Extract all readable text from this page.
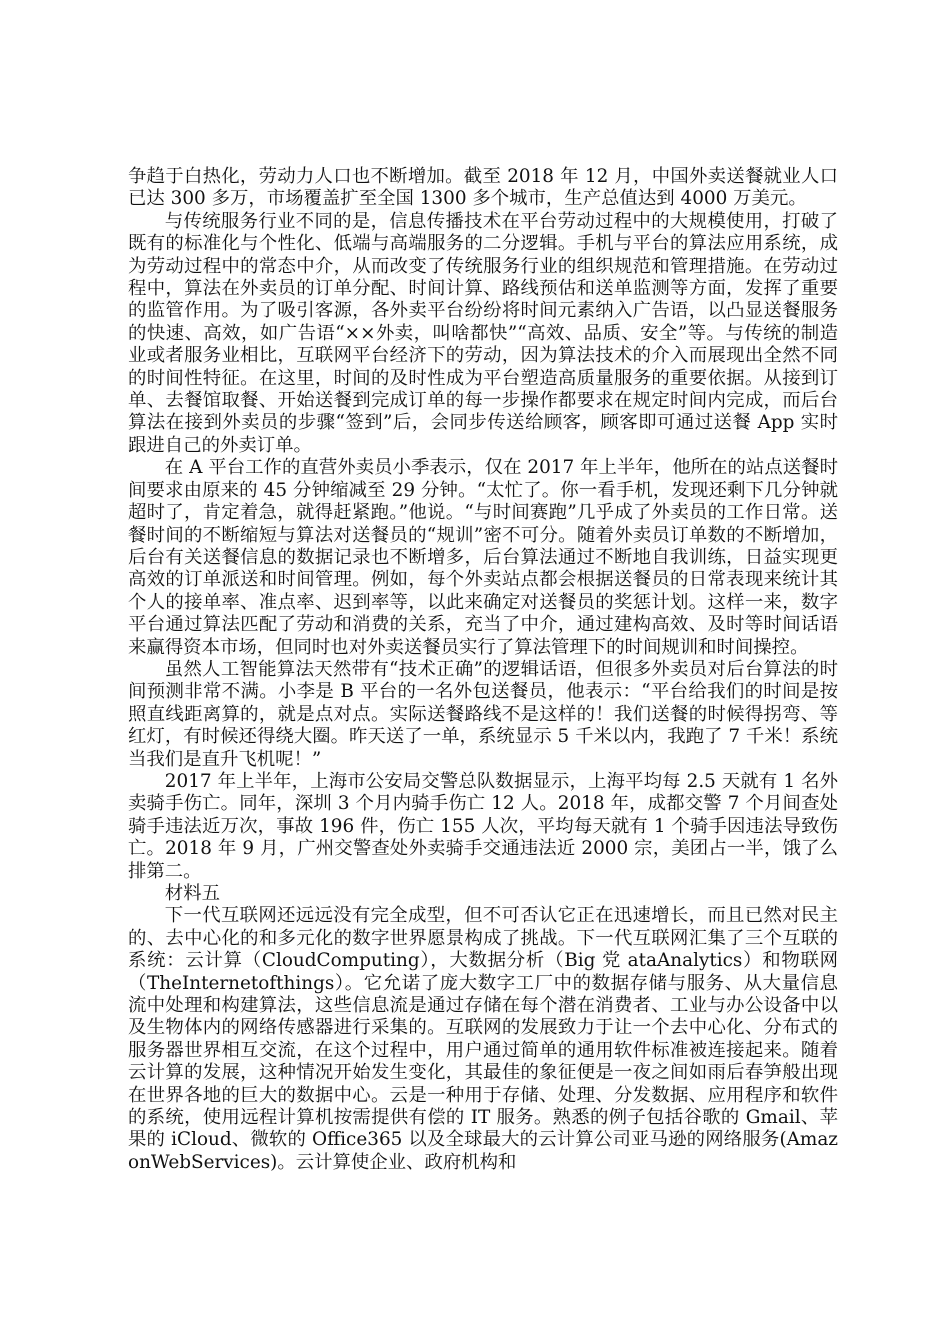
争趋于白热化，劳动力人口也不断增加。截至 2018 年 12 月，中国外卖送餐就业人口已达 300 多万，市场覆盖扩至全国 1300 多个城市，生产总值达到 4000 万美元。

与传统服务行业不同的是，信息传播技术在平台劳动过程中的大规模使用，打破了既有的标准化与个性化、低端与高端服务的二分逻辑。手机与平台的算法应用系统，成为劳动过程中的常态中介，从而改变了传统服务行业的组织规范和管理措施。在劳动过程中，算法在外卖员的订单分配、时间计算、路线预估和送单监测等方面，发挥了重要的监管作用。为了吸引客源，各外卖平台纷纷将时间元素纳入广告语，以凸显送餐服务的快速、高效，如广告语“××外卖，叫啥都快”“高效、品质、安全”等。与传统的制造业或者服务业相比，互联网平台经济下的劳动，因为算法技术的介入而展现出全然不同的时间性特征。在这里，时间的及时性成为平台塑造高质量服务的重要依据。从接到订单、去餐馆取餐、开始送餐到完成订单的每一步操作都要求在规定时间内完成，而后台算法在接到外卖员的步骤“签到”后，会同步传送给顾客，顾客即可通过送餐 App 实时跟进自己的外卖订单。

在 A 平台工作的直营外卖员小季表示，仅在 2017 年上半年，他所在的站点送餐时间要求由原来的 45 分钟缩减至 29 分钟。“太忙了。你一看手机，发现还剩下几分钟就超时了，肯定着急，就得赶紧跑。”他说。“与时间赛跑”几乎成了外卖员的工作日常。送餐时间的不断缩短与算法对送餐员的“规训”密不可分。随着外卖员订单数的不断增加，后台有关送餐信息的数据记录也不断增多，后台算法通过不断地自我训练，日益实现更高效的订单派送和时间管理。例如，每个外卖站点都会根据送餐员的日常表现来统计其个人的接单率、准点率、迟到率等，以此来确定对送餐员的奖惩计划。这样一来，数字平台通过算法匹配了劳动和消费的关系，充当了中介，通过建构高效、及时等时间话语来赢得资本市场，但同时也对外卖送餐员实行了算法管理下的时间规训和时间操控。

虽然人工智能算法天然带有“技术正确”的逻辑话语，但很多外卖员对后台算法的时间预测非常不满。小李是 B 平台的一名外包送餐员，他表示：“平台给我们的时间是按照直线距离算的，就是点对点。实际送餐路线不是这样的！我们送餐的时候得拐弯、等红灯，有时候还得绕大圈。昨天送了一单，系统显示 5 千米以内，我跑了 7 千米！系统当我们是直升飞机呢！”

2017 年上半年，上海市公安局交警总队数据显示，上海平均每 2.5 天就有 1 名外卖骑手伤亡。同年，深圳 3 个月内骑手伤亡 12 人。2018 年，成都交警 7 个月间查处骑手违法近万次，事故 196 件，伤亡 155 人次，平均每天就有 1 个骑手因违法导致伤亡。2018 年 9 月，广州交警查处外卖骑手交通违法近 2000 宗，美团占一半，饿了么排第二。

材料五

下一代互联网还远远没有完全成型，但不可否认它正在迅速增长，而且已然对民主的、去中心化的和多元化的数字世界愿景构成了挑战。下一代互联网汇集了三个互联的系统：云计算（CloudComputing），大数据分析（Big 党 ataAnalytics）和物联网（TheInternetofthings）。它允诺了庞大数字工厂中的数据存储与服务、从大量信息流中处理和构建算法，这些信息流是通过存储在每个潜在消费者、工业与办公设备中以及生物体内的网络传感器进行采集的。互联网的发展致力于让一个去中心化、分布式的服务器世界相互交流，在这个过程中，用户通过简单的通用软件标准被连接起来。随着云计算的发展，这种情况开始发生变化，其最佳的象征便是一夜之间如雨后春笋般出现在世界各地的巨大的数据中心。云是一种用于存储、处理、分发数据、应用程序和软件的系统，使用远程计算机按需提供有偿的 IT 服务。熟悉的例子包括谷歌的 Gmail、苹果的 iCloud、微软的 Office365 以及全球最大的云计算公司亚马逊的网络服务(AmazonWebServices)。云计算使企业、政府机构和
